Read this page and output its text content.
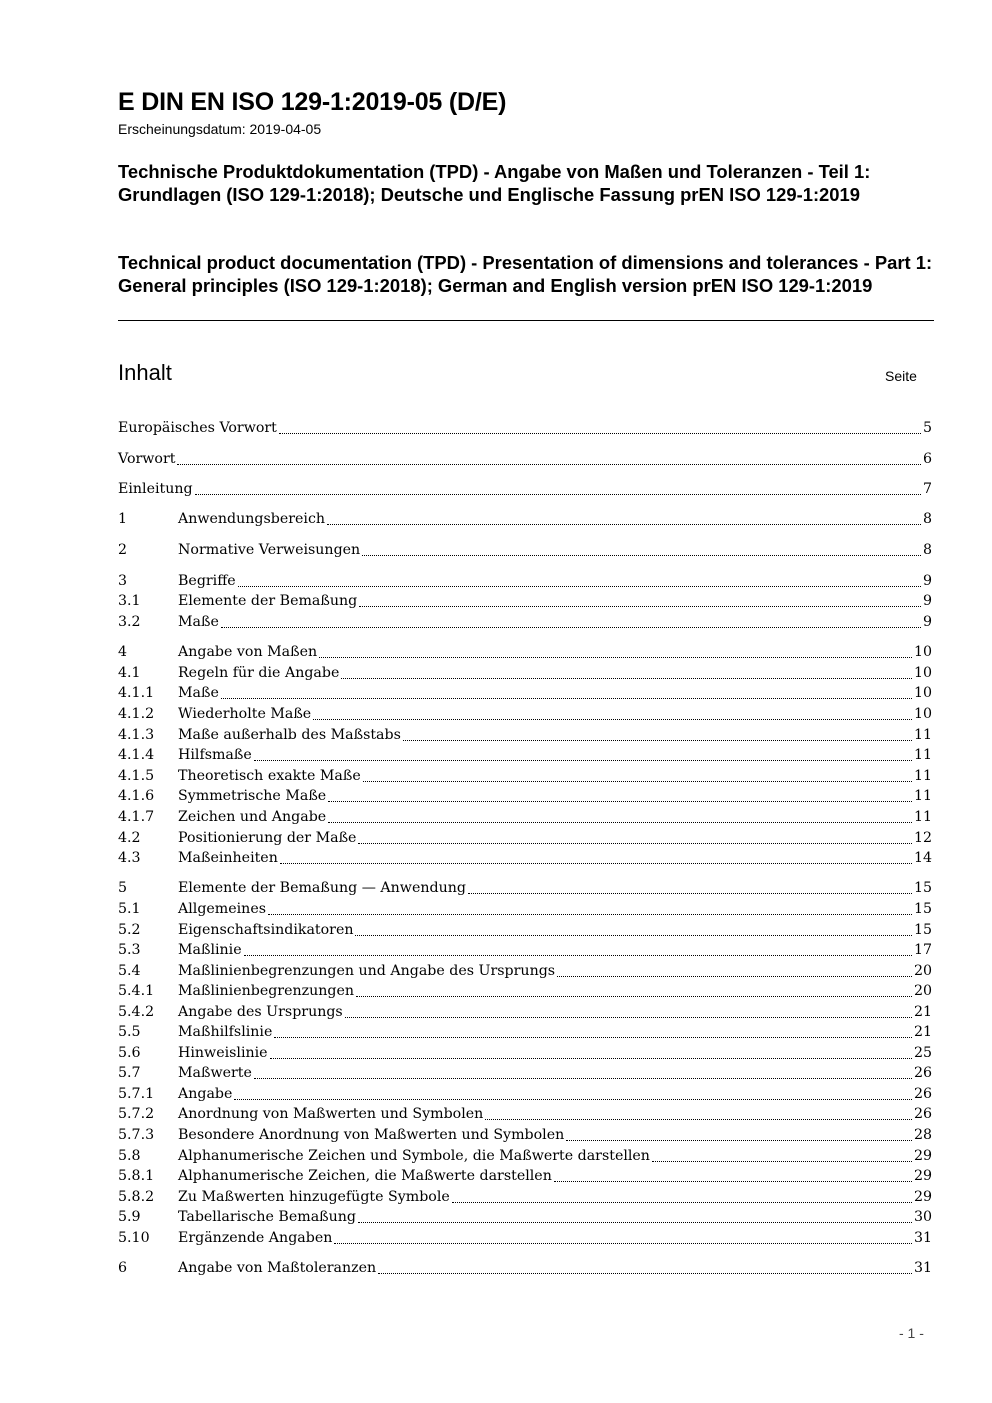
E DIN EN ISO 129-1:2019-05 (D/E)
Erscheinungsdatum: 2019-04-05
Technische Produktdokumentation (TPD) - Angabe von Maßen und Toleranzen - Teil 1: Grundlagen (ISO 129-1:2018); Deutsche und Englische Fassung prEN ISO 129-1:2019
Technical product documentation (TPD) - Presentation of dimensions and tolerances - Part 1: General principles (ISO 129-1:2018); German and English version prEN ISO 129-1:2019
Inhalt	Seite
Europäisches Vorwort	5
Vorwort	6
Einleitung	7
1	Anwendungsbereich	8
2	Normative Verweisungen	8
3	Begriffe	9
3.1	Elemente der Bemaßung	9
3.2	Maße	9
4	Angabe von Maßen	10
4.1	Regeln für die Angabe	10
4.1.1	Maße	10
4.1.2	Wiederholte Maße	10
4.1.3	Maße außerhalb des Maßstabs	11
4.1.4	Hilfsmaße	11
4.1.5	Theoretisch exakte Maße	11
4.1.6	Symmetrische Maße	11
4.1.7	Zeichen und Angabe	11
4.2	Positionierung der Maße	12
4.3	Maßeinheiten	14
5	Elemente der Bemaßung — Anwendung	15
5.1	Allgemeines	15
5.2	Eigenschaftsindikatoren	15
5.3	Maßlinie	17
5.4	Maßlinienbegrenzungen und Angabe des Ursprungs	20
5.4.1	Maßlinienbegrenzungen	20
5.4.2	Angabe des Ursprungs	21
5.5	Maßhilfslinie	21
5.6	Hinweislinie	25
5.7	Maßwerte	26
5.7.1	Angabe	26
5.7.2	Anordnung von Maßwerten und Symbolen	26
5.7.3	Besondere Anordnung von Maßwerten und Symbolen	28
5.8	Alphanumerische Zeichen und Symbole, die Maßwerte darstellen	29
5.8.1	Alphanumerische Zeichen, die Maßwerte darstellen	29
5.8.2	Zu Maßwerten hinzugefügte Symbole	29
5.9	Tabellarische Bemaßung	30
5.10	Ergänzende Angaben	31
6	Angabe von Maßtoleranzen	31
- 1 -
